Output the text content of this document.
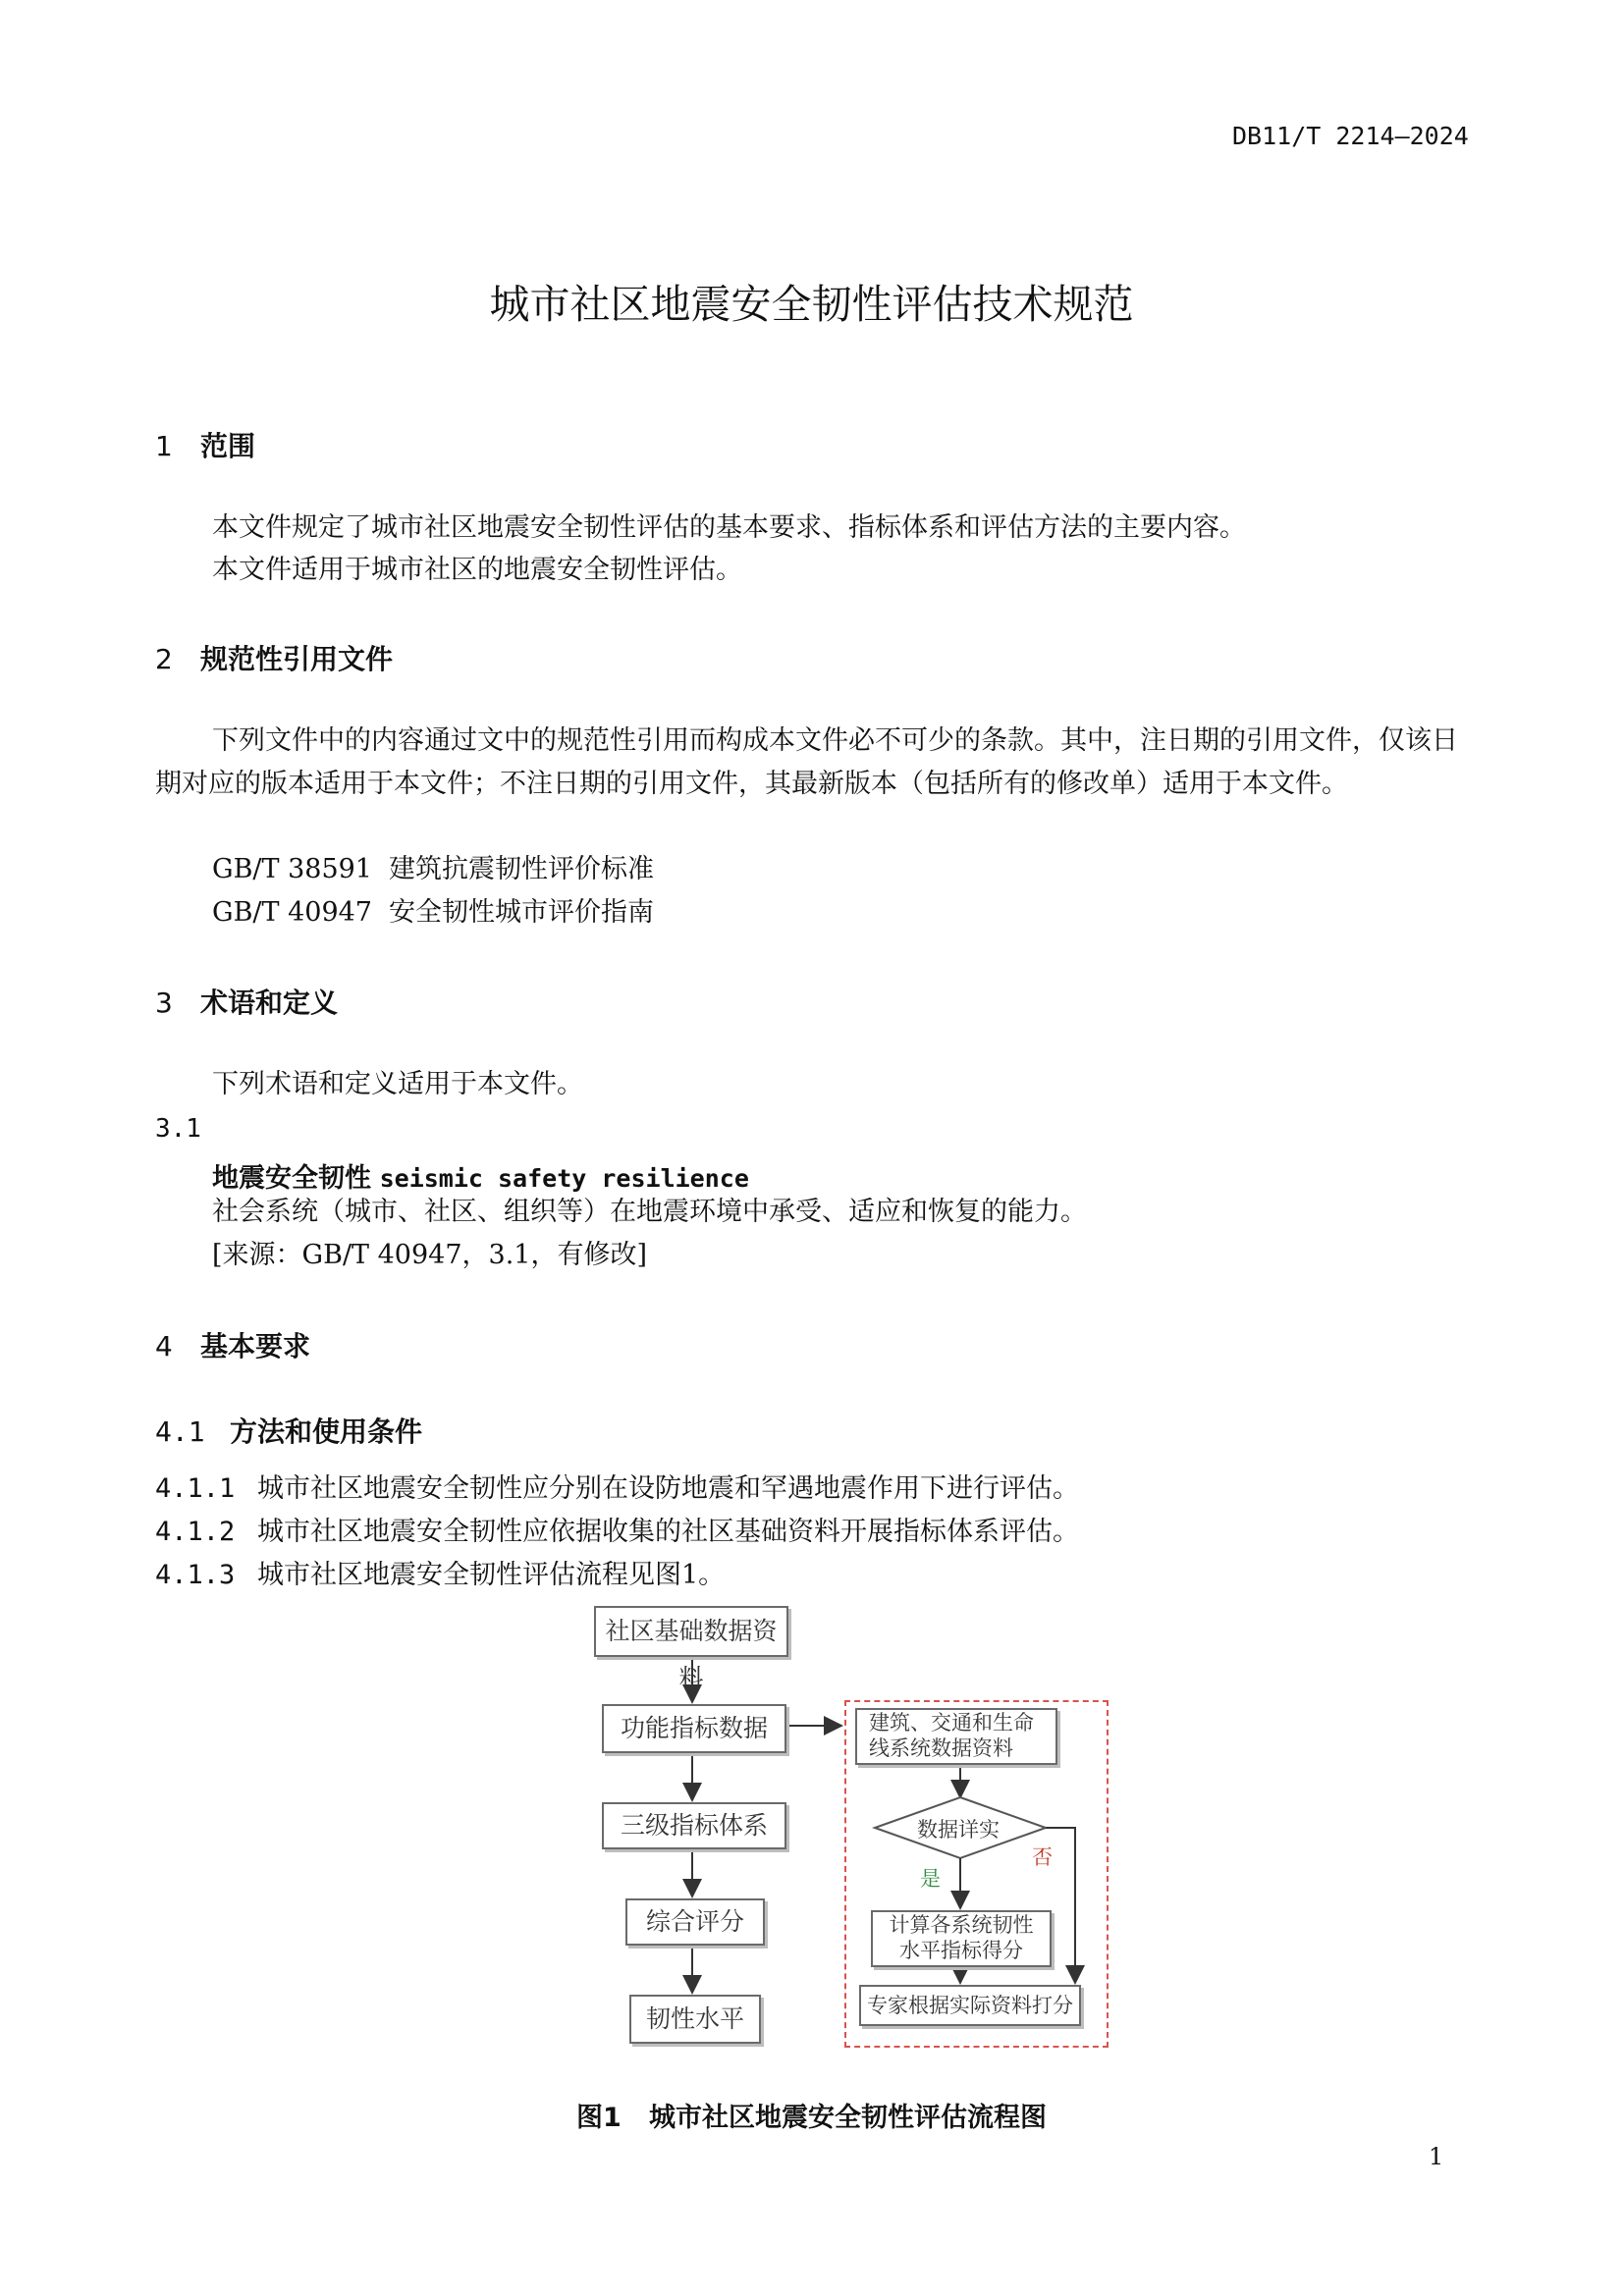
DB11/T 2214—2024
城市社区地震安全韧性评估技术规范
1 范围
本文件规定了城市社区地震安全韧性评估的基本要求、指标体系和评估方法的主要内容。
本文件适用于城市社区的地震安全韧性评估。
2 规范性引用文件
下列文件中的内容通过文中的规范性引用而构成本文件必不可少的条款。其中，注日期的引用文件，仅该日期对应的版本适用于本文件；不注日期的引用文件，其最新版本（包括所有的修改单）适用于本文件。
GB/T 38591 建筑抗震韧性评价标准
GB/T 40947 安全韧性城市评价指南
3 术语和定义
下列术语和定义适用于本文件。
3.1
地震安全韧性 seismic safety resilience
社会系统（城市、社区、组织等）在地震环境中承受、适应和恢复的能力。
[来源：GB/T 40947，3.1，有修改]
4 基本要求
4.1 方法和使用条件
4.1.1 城市社区地震安全韧性应分别在设防地震和罕遇地震作用下进行评估。
4.1.2 城市社区地震安全韧性应依据收集的社区基础资料开展指标体系评估。
4.1.3 城市社区地震安全韧性评估流程见图1。
社区基础数据资料
功能指标数据
三级指标体系
综合评分
韧性水平
建筑、交通和生命
线系统数据资料
数据详实
是
否
计算各系统韧性
水平指标得分
专家根据实际资料打分
图1 城市社区地震安全韧性评估流程图
1
